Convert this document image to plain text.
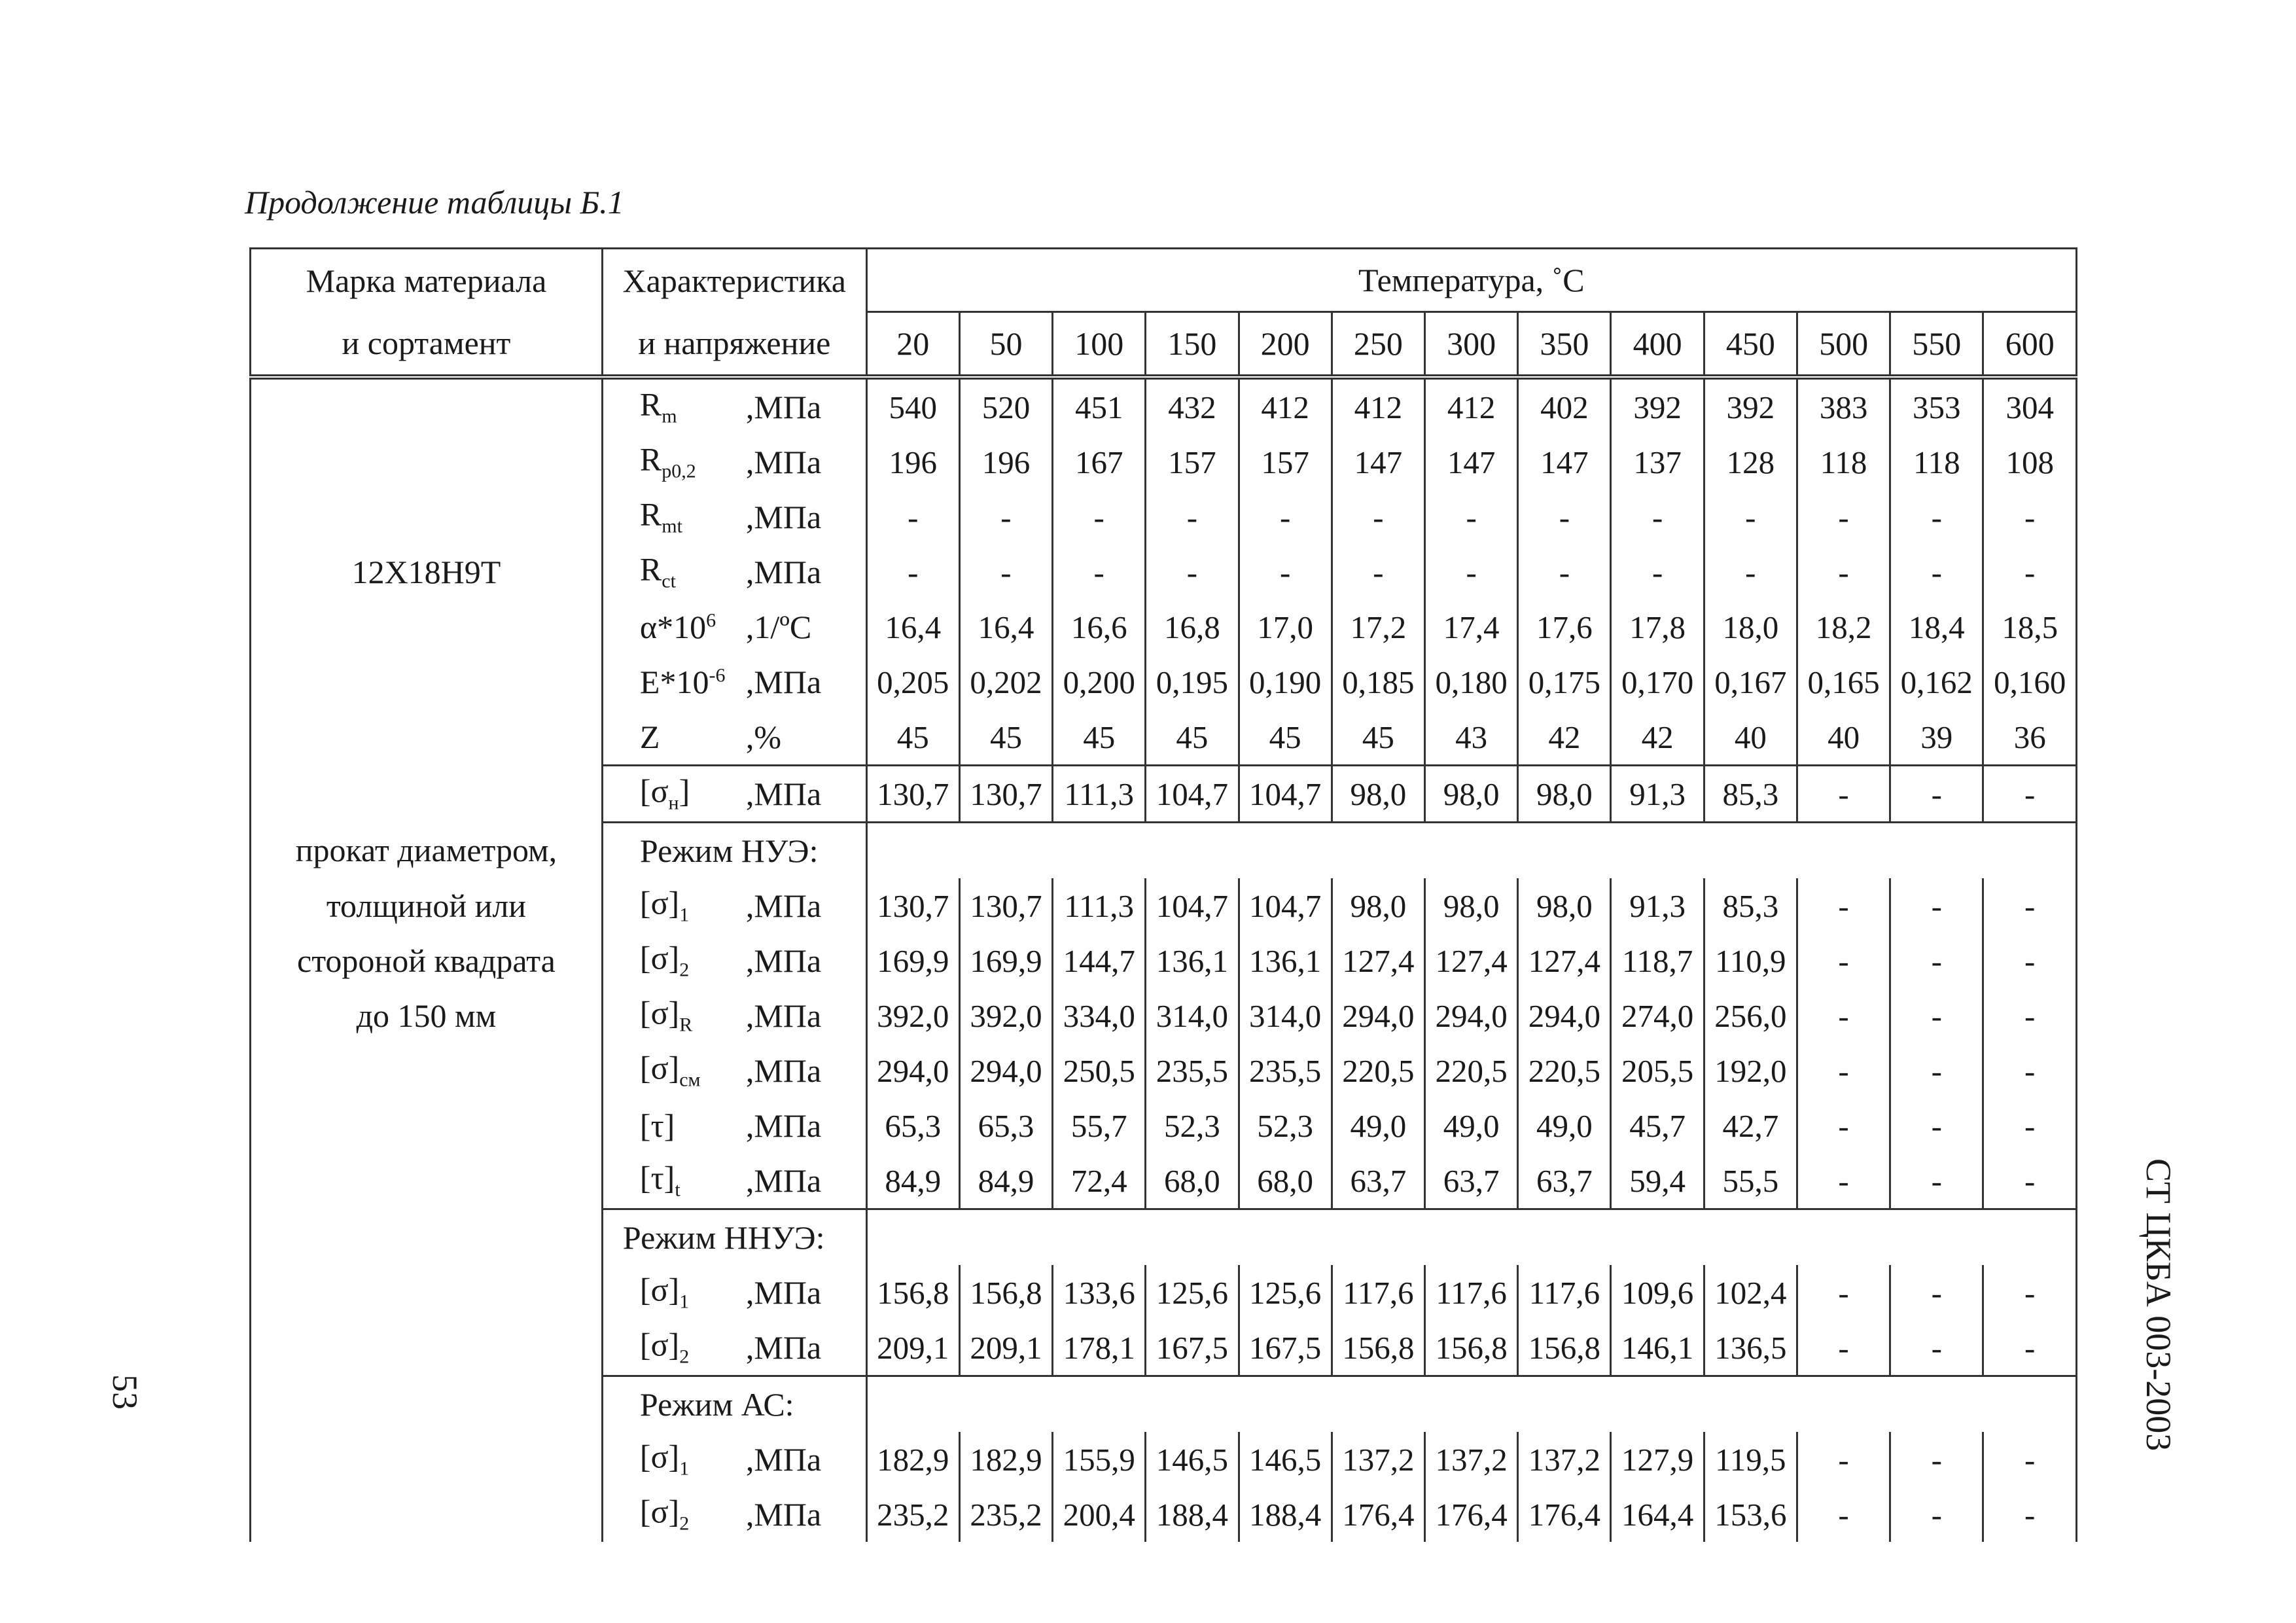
Продолжение таблицы Б.1
Марка материала	Характеристика	Температура, ˚С												
и сортамент	и напряжение	20	50	100	150	200	250	300	350	400	450	500	550	600

	$R_m$ ,МПа	540	520	451	432	412	412	412	402	392	392	383	353	304

	$R_{p0,2}$ ,МПа	196	196	167	157	157	147	147	147	137	128	118	118	108

	$R_{mt}$ ,МПа	-	-	-	-	-	-	-	-	-	-	-	-	-
12Х18Н9Т	$R_{ct}$ ,МПа	-	-	-	-	-	-	-	-	-	-	-	-	-

	$\alpha*10^6$ ,1/ºС	16,4	16,4	16,6	16,8	17,0	17,2	17,4	17,6	17,8	18,0	18,2	18,4	18,5

	$E*10^{-6}$ ,МПа	0,205	0,202	0,200	0,195	0,190	0,185	0,180	0,175	0,170	0,167	0,165	0,162	0,160

	Z ,%	45	45	45	45	45	45	43	42	42	40	40	39	36

	$[\sigma_н]$ ,МПа	130,7	130,7	111,3	104,7	104,7	98,0	98,0	98,0	91,3	85,3	-	-	-
прокат диаметром,	Режим НУЭ:													

толщиной или	$[\sigma]_1$ ,МПа	130,7	130,7	111,3	104,7	104,7	98,0	98,0	98,0	91,3	85,3	-	-	-
стороной квадрата	$[\sigma]_2$ ,МПа	169,9	169,9	144,7	136,1	136,1	127,4	127,4	127,4	118,7	110,9	-	-	-
до 150 мм	$[\sigma]_R$ ,МПа	392,0	392,0	334,0	314,0	314,0	294,0	294,0	294,0	274,0	256,0	-	-	-

	$[\sigma]_{см}$ ,МПа	294,0	294,0	250,5	235,5	235,5	220,5	220,5	220,5	205,5	192,0	-	-	-

	[τ] ,МПа	65,3	65,3	55,7	52,3	52,3	49,0	49,0	49,0	45,7	42,7	-	-	-

	$[\tau]_t$ ,МПа	84,9	84,9	72,4	68,0	68,0	63,7	63,7	63,7	59,4	55,5	-	-	-

	Режим ННУЭ:													

	$[\sigma]_1$ ,МПа	156,8	156,8	133,6	125,6	125,6	117,6	117,6	117,6	109,6	102,4	-	-	-

	$[\sigma]_2$ ,МПа	209,1	209,1	178,1	167,5	167,5	156,8	156,8	156,8	146,1	136,5	-	-	-

	Режим АС:													

	$[\sigma]_1$ ,МПа	182,9	182,9	155,9	146,5	146,5	137,2	137,2	137,2	127,9	119,5	-	-	-

	$[\sigma]_2$ ,МПа	235,2	235,2	200,4	188,4	188,4	176,4	176,4	176,4	164,4	153,6	-	-	-
СТ ЦКБА 003-2003
53
